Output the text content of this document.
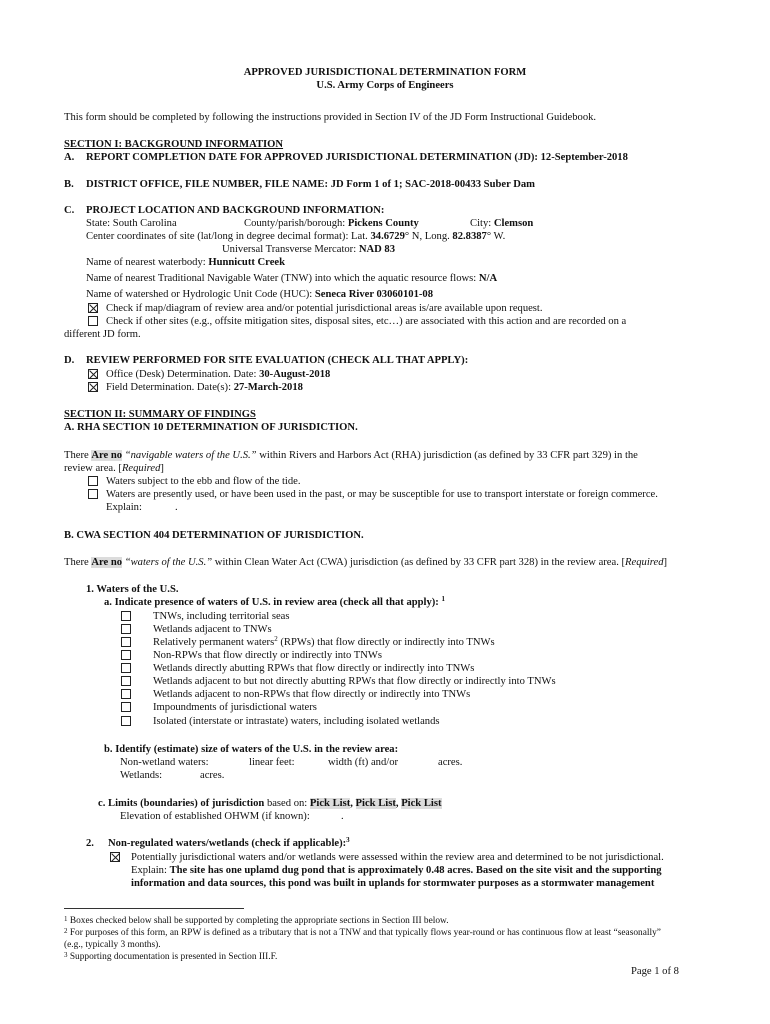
APPROVED JURISDICTIONAL DETERMINATION FORM
U.S. Army Corps of Engineers
This form should be completed by following the instructions provided in Section IV of the JD Form Instructional Guidebook.
SECTION I: BACKGROUND INFORMATION
A. REPORT COMPLETION DATE FOR APPROVED JURISDICTIONAL DETERMINATION (JD): 12-September-2018
B. DISTRICT OFFICE, FILE NUMBER, FILE NAME: JD Form 1 of 1; SAC-2018-00433 Suber Dam
C. PROJECT LOCATION AND BACKGROUND INFORMATION:
State: South Carolina	County/parish/borough: Pickens County	City: Clemson
Center coordinates of site (lat/long in degree decimal format): Lat. 34.6729° N, Long. 82.8387° W.
Universal Transverse Mercator: NAD 83
Name of nearest waterbody: Hunnicutt Creek
Name of nearest Traditional Navigable Water (TNW) into which the aquatic resource flows: N/A
Name of watershed or Hydrologic Unit Code (HUC): Seneca River 03060101-08
Check if map/diagram of review area and/or potential jurisdictional areas is/are available upon request.
Check if other sites (e.g., offsite mitigation sites, disposal sites, etc…) are associated with this action and are recorded on a
different JD form.
D. REVIEW PERFORMED FOR SITE EVALUATION (CHECK ALL THAT APPLY):
Office (Desk) Determination. Date: 30-August-2018
Field Determination. Date(s): 27-March-2018
SECTION II: SUMMARY OF FINDINGS
A. RHA SECTION 10 DETERMINATION OF JURISDICTION.
There Are no “navigable waters of the U.S.” within Rivers and Harbors Act (RHA) jurisdiction (as defined by 33 CFR part 329) in the
review area. [Required]
Waters subject to the ebb and flow of the tide.
Waters are presently used, or have been used in the past, or may be susceptible for use to transport interstate or foreign commerce.
Explain:	.
B. CWA SECTION 404 DETERMINATION OF JURISDICTION.
There Are no “waters of the U.S.” within Clean Water Act (CWA) jurisdiction (as defined by 33 CFR part 328) in the review area. [Required]
1. Waters of the U.S.
a. Indicate presence of waters of U.S. in review area (check all that apply): $^1$
TNWs, including territorial seas
Wetlands adjacent to TNWs
Relatively permanent waters$^2$ (RPWs) that flow directly or indirectly into TNWs
Non-RPWs that flow directly or indirectly into TNWs
Wetlands directly abutting RPWs that flow directly or indirectly into TNWs
Wetlands adjacent to but not directly abutting RPWs that flow directly or indirectly into TNWs
Wetlands adjacent to non-RPWs that flow directly or indirectly into TNWs
Impoundments of jurisdictional waters
Isolated (interstate or intrastate) waters, including isolated wetlands
b. Identify (estimate) size of waters of the U.S. in the review area:
Non-wetland waters:	linear feet:	width (ft) and/or	acres.
Wetlands:	acres.
c. Limits (boundaries) of jurisdiction based on: Pick List, Pick List, Pick List
Elevation of established OHWM (if known):	.
2. Non-regulated waters/wetlands (check if applicable):$^3$
Potentially jurisdictional waters and/or wetlands were assessed within the review area and determined to be not jurisdictional.
Explain: The site has one uplamd dug pond that is approximately 0.48 acres. Based on the site visit and the supporting
information and data sources, this pond was built in uplands for stormwater purposes as a stormwater management
$^1$ Boxes checked below shall be supported by completing the appropriate sections in Section III below.
$^2$ For purposes of this form, an RPW is defined as a tributary that is not a TNW and that typically flows year-round or has continuous flow at least “seasonally”
(e.g., typically 3 months).
$^3$ Supporting documentation is presented in Section III.F.
Page 1 of 8
